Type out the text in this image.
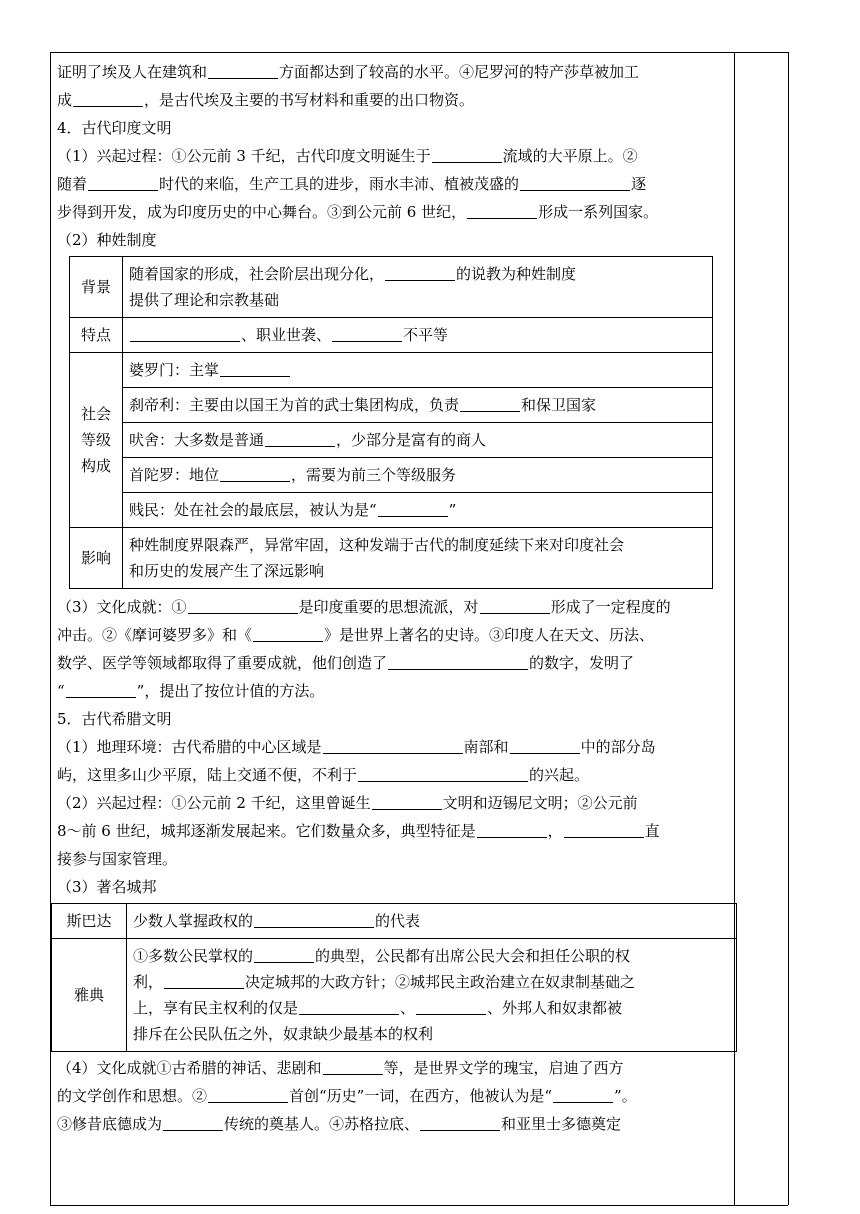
证明了埃及人在建筑和	方面都达到了较高的水平。④尼罗河的特产莎草被加工

成	，是古代埃及主要的书写材料和重要的出口物资。

4．古代印度文明

（1）兴起过程：①公元前 3 千纪，古代印度文明诞生于	流域的大平原上。②

随着	时代的来临，生产工具的进步，雨水丰沛、植被茂盛的	逐

步得到开发，成为印度历史的中心舞台。③到公元前 6 世纪，	形成一系列国家。

（2）种姓制度

背景	随着国家的形成，社会阶层出现分化， 的说教为种姓制度
提供了理论和宗教基础
特点	、职业世袭、 不平等
社会
等级
构成	婆罗门：主掌
	刹帝利：主要由以国王为首的武士集团构成，负责 和保卫国家
	吠舍：大多数是普通 ，少部分是富有的商人
	首陀罗：地位 ，需要为前三个等级服务
	贱民：处在社会的最底层，被认为是“ ”
影响	种姓制度界限森严，异常牢固，这种发端于古代的制度延续下来对印度社会
和历史的发展产生了深远影响

（3）文化成就：①	是印度重要的思想流派，对	形成了一定程度的

冲击。②《摩诃婆罗多》和《	》是世界上著名的史诗。③印度人在天文、历法、

数学、医学等领域都取得了重要成就，他们创造了	的数字，发明了

“	”，提出了按位计值的方法。

5．古代希腊文明

（1）地理环境：古代希腊的中心区域是	南部和	中的部分岛

屿，这里多山少平原，陆上交通不便，不利于	的兴起。

（2）兴起过程：①公元前 2 千纪，这里曾诞生	文明和迈锡尼文明；②公元前

8～前 6 世纪，城邦逐渐发展起来。它们数量众多，典型特征是	，	直

接参与国家管理。

（3）著名城邦

斯巴达	少数人掌握政权的 的代表
雅典	①多数公民掌权的 的典型，公民都有出席公民大会和担任公职的权
利， 决定城邦的大政方针；②城邦民主政治建立在奴隶制基础之
上，享有民主权利的仅是 、 、外邦人和奴隶都被
排斥在公民队伍之外，奴隶缺少最基本的权利

（4）文化成就①古希腊的神话、悲剧和	等，是世界文学的瑰宝，启迪了西方

的文学创作和思想。②	首创“历史”一词，在西方，他被认为是“	”。

③修昔底德成为	传统的奠基人。④苏格拉底、	和亚里士多德奠定
